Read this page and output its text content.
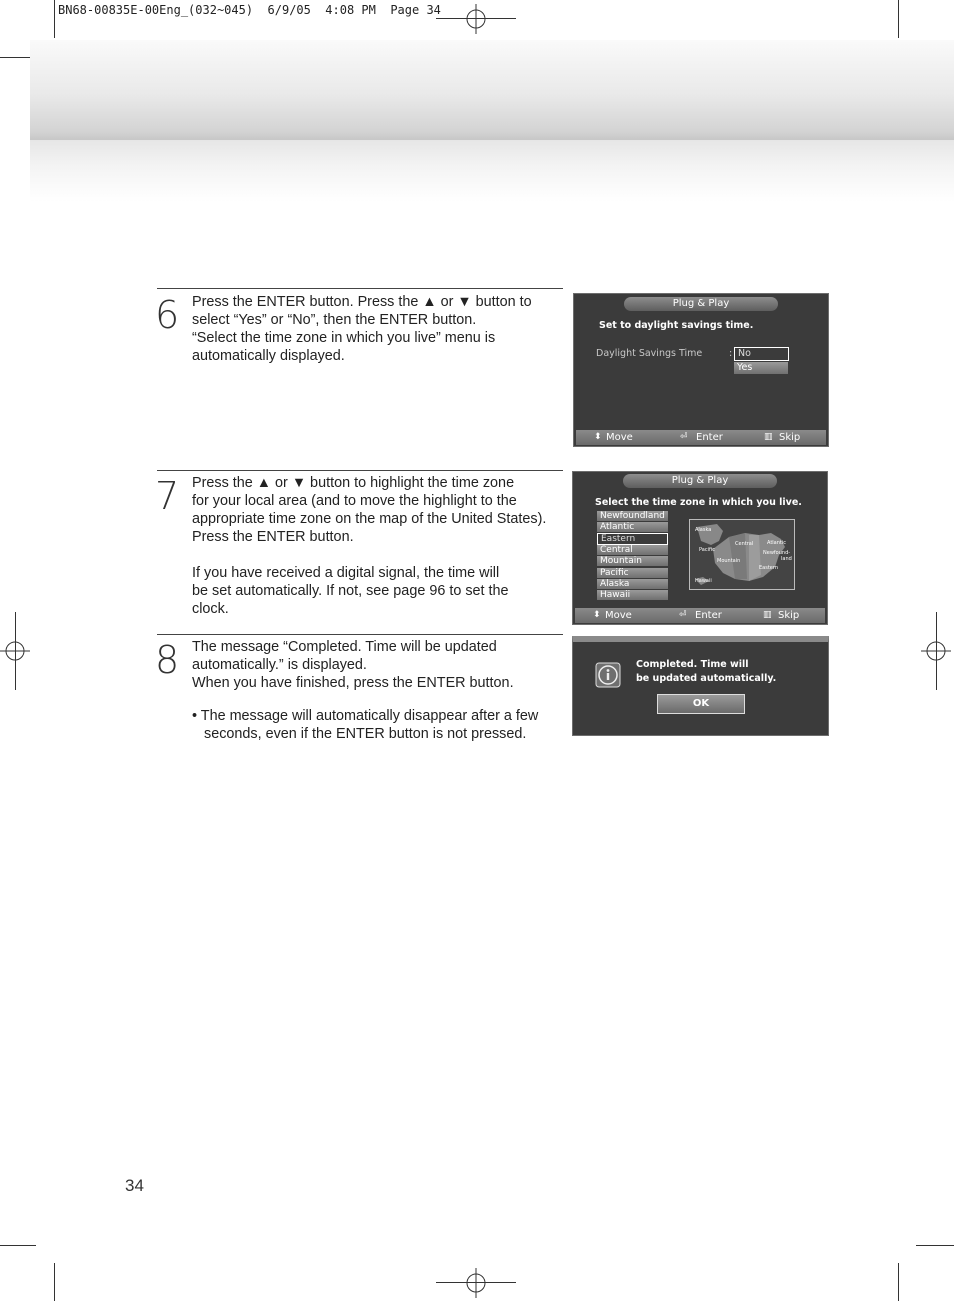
BN68-00835E-00Eng_(032~045)  6/9/05  4:08 PM  Page 34
6 Press the ENTER button. Press the ▲ or ▼ button to
select “Yes” or “No”, then the ENTER button.
“Select the time zone in which you live” menu is
automatically displayed.
7 Press the ▲ or ▼ button to highlight the time zone
for your local area (and to move the highlight to the
appropriate time zone on the map of the United States).
Press the ENTER button.

If you have received a digital signal, the time will
be set automatically. If not, see page 96 to set the
clock.
8 The message “Completed. Time will be updated
automatically.” is displayed.
When you have finished, press the ENTER button.
• The message will automatically disappear after a few
seconds, even if the ENTER button is not pressed.
Plug & Play
Set to daylight savings time.
Daylight Savings Time	: No
Yes
⬍ Move	⏎ Enter	▥ Skip
Plug & Play
Select the time zone in which you live.
Newfoundland
Atlantic
Eastern
Central
Mountain
Pacific
Alaska
Hawaii
Alaska
Pacific
Central	Atlantic
Newfound-
land
Mountain
Eastern
Hawaii
⬍ Move	⏎ Enter	▥ Skip
Completed. Time will
be updated automatically.
OK
34
